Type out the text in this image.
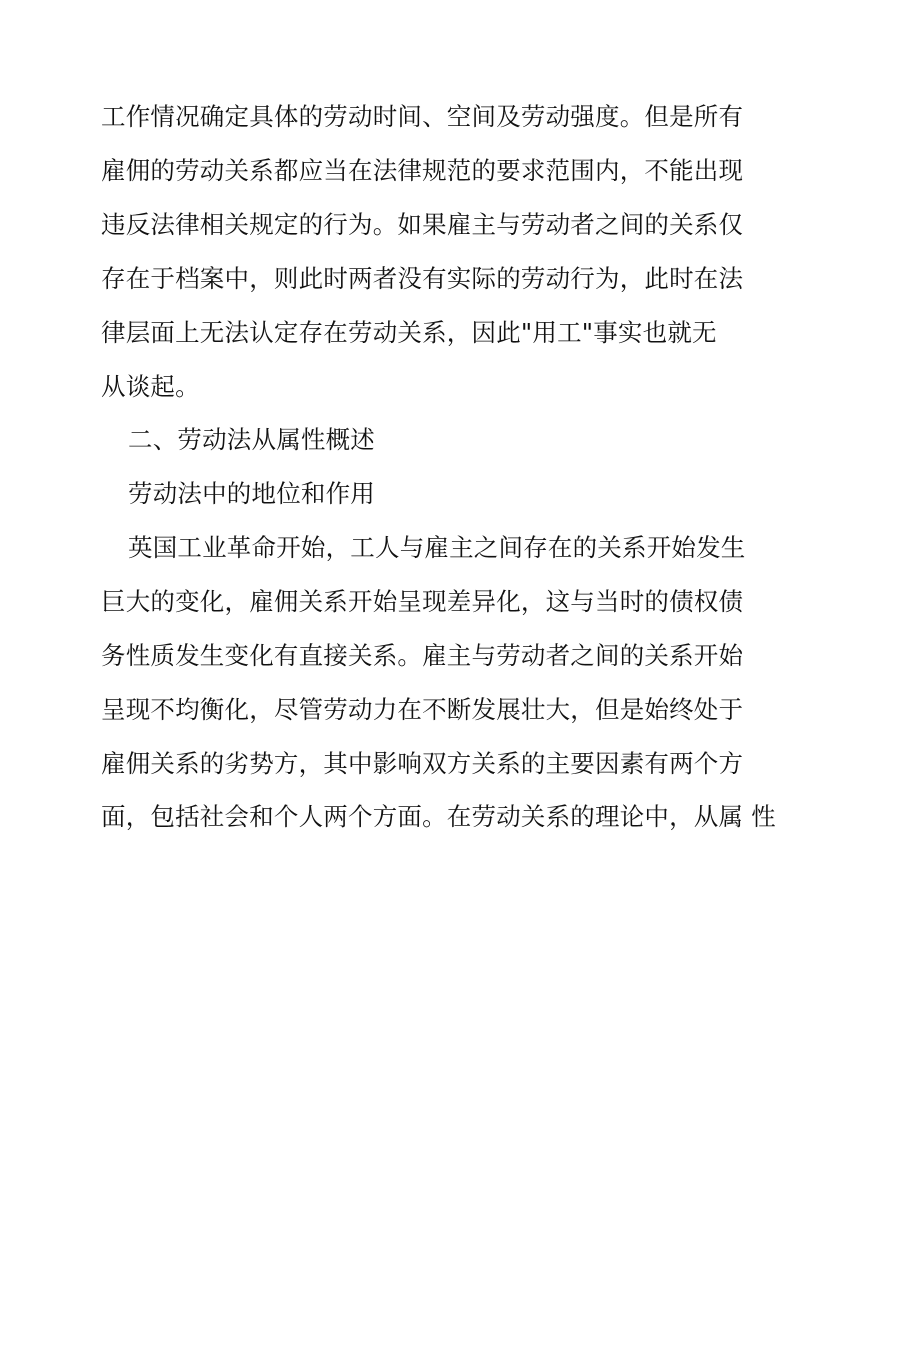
工作情况确定具体的劳动时间、空间及劳动强度。但是所有
雇佣的劳动关系都应当在法律规范的要求范围内，不能出现
违反法律相关规定的行为。如果雇主与劳动者之间的关系仅
存在于档案中，则此时两者没有实际的劳动行为，此时在法
律层面上无法认定存在劳动关系，因此"用工"事实也就无
从谈起。
二、劳动法从属性概述
劳动法中的地位和作用
英国工业革命开始，工人与雇主之间存在的关系开始发生
巨大的变化，雇佣关系开始呈现差异化，这与当时的债权债
务性质发生变化有直接关系。雇主与劳动者之间的关系开始
呈现不均衡化，尽管劳动力在不断发展壮大，但是始终处于
雇佣关系的劣势方，其中影响双方关系的主要因素有两个方
面，包括社会和个人两个方面。在劳动关系的理论中，从属 性
